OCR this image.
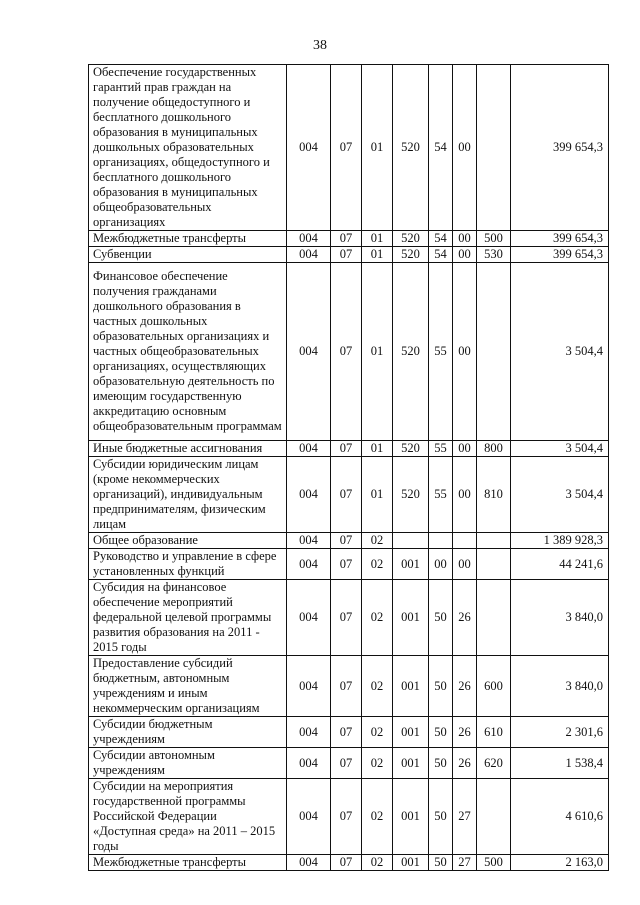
38
Обеспечение государственных гарантий прав граждан на получение общедоступного и бесплатного дошкольного образования в муниципальных дошкольных образовательных организациях, общедоступного и бесплатного дошкольного образования в муниципальных общеобразовательных организациях	004	07	01	520	54	00		399 654,3
Межбюджетные трансферты	004	07	01	520	54	00	500	399 654,3
Субвенции	004	07	01	520	54	00	530	399 654,3
Финансовое обеспечение получения гражданами дошкольного образования в частных дошкольных образовательных организациях и частных общеобразовательных организациях, осуществляющих образовательную деятельность по имеющим государственную аккредитацию основным общеобразовательным программам	004	07	01	520	55	00		3 504,4
Иные бюджетные ассигнования	004	07	01	520	55	00	800	3 504,4
Субсидии юридическим лицам (кроме некоммерческих организаций), индивидуальным предпринимателям, физическим лицам	004	07	01	520	55	00	810	3 504,4
Общее образование	004	07	02					1 389 928,3
Руководство и управление в сфере установленных функций	004	07	02	001	00	00		44 241,6
Субсидия на финансовое обеспечение мероприятий федеральной целевой программы развития образования на 2011 - 2015 годы	004	07	02	001	50	26		3 840,0
Предоставление субсидий бюджетным, автономным учреждениям и иным некоммерческим организациям	004	07	02	001	50	26	600	3 840,0
Субсидии бюджетным учреждениям	004	07	02	001	50	26	610	2 301,6
Субсидии автономным учреждениям	004	07	02	001	50	26	620	1 538,4
Субсидии на мероприятия государственной программы Российской Федерации «Доступная среда» на 2011 – 2015 годы	004	07	02	001	50	27		4 610,6
Межбюджетные трансферты	004	07	02	001	50	27	500	2 163,0
